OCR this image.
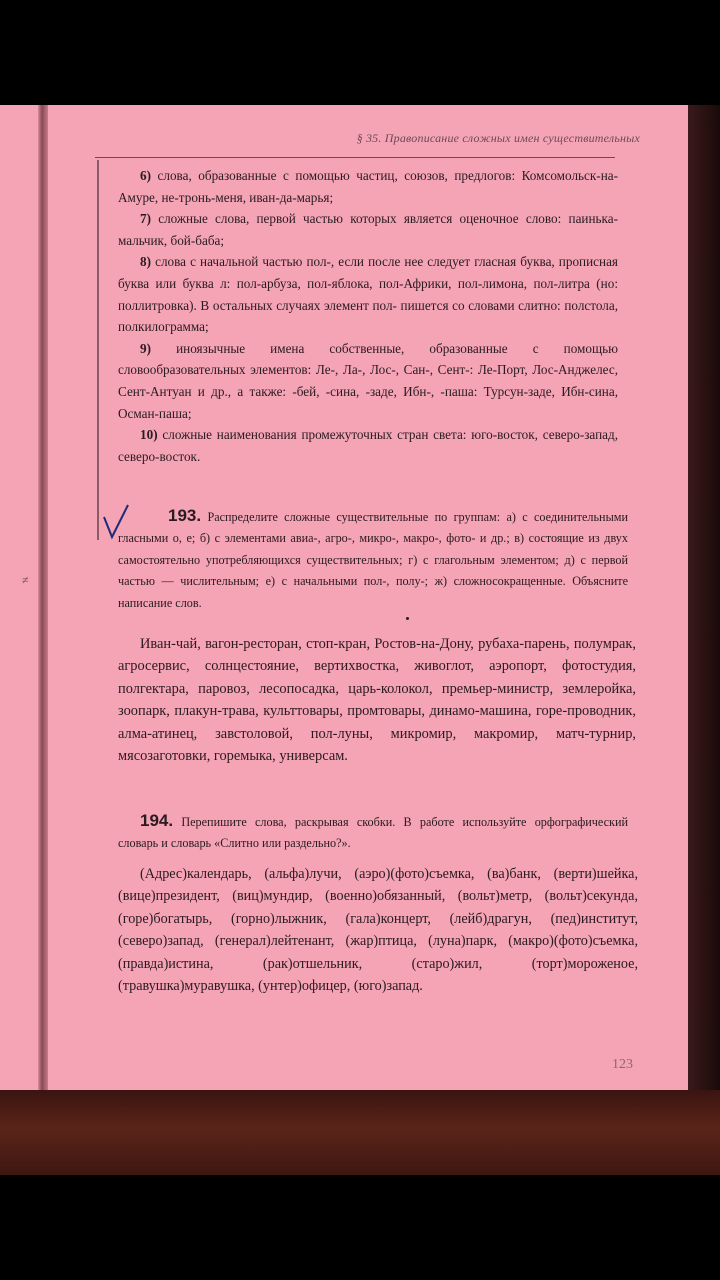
≠
§ 35. Правописание сложных имен существительных

6) слова, образованные с помощью частиц, союзов, предлогов: Комсомольск-на-Амуре, не-тронь-меня, иван-да-марья;

7) сложные слова, первой частью которых является оценочное слово: паинька-мальчик, бой-баба;

8) слова с начальной частью пол-, если после нее следует гласная буква, прописная буква или буква л: пол-арбуза, пол-яблока, пол-Африки, пол-лимона, пол-литра (но: поллитровка). В остальных случаях элемент пол- пишется со словами слитно: полстола, полкилограмма;

9) иноязычные имена собственные, образованные с помощью словообразовательных элементов: Ле-, Ла-, Лос-, Сан-, Сент-: Ле-Порт, Лос-Анджелес, Сент-Антуан и др., а также: -бей, -сина, -заде, Ибн-, -паша: Турсун-заде, Ибн-сина, Осман-паша;

10) сложные наименования промежуточных стран света: юго-восток, северо-запад, северо-восток.

193. Распределите сложные существительные по группам: а) с соединительными гласными о, е; б) с элементами авиа-, агро-, микро-, макро-, фото- и др.; в) состоящие из двух самостоятельно употребляющихся существительных; г) с глагольным элементом; д) с первой частью — числительным; е) с начальными пол-, полу-; ж) сложносокращенные. Объясните написание слов.

Иван-чай, вагон-ресторан, стоп-кран, Ростов-на-Дону, рубаха-парень, полумрак, агросервис, солнцестояние, вертихвостка, живоглот, аэропорт, фотостудия, полгектара, паровоз, лесопосадка, царь-колокол, премьер-министр, землеройка, зоопарк, плакун-трава, культтовары, промтовары, динамо-машина, горе-проводник, алма-атинец, завстоловой, пол-луны, микромир, макромир, матч-турнир, мясозаготовки, горемыка, универсам.

194. Перепишите слова, раскрывая скобки. В работе используйте орфографический словарь и словарь «Слитно или раздельно?».

(Адрес)календарь, (альфа)лучи, (аэро)(фото)съемка, (ва)банк, (верти)шейка, (вице)президент, (виц)мундир, (военно)обязанный, (вольт)метр, (вольт)секунда, (горе)богатырь, (горно)лыжник, (гала)концерт, (лейб)драгун, (пед)институт, (северо)запад, (генерал)лейтенант, (жар)птица, (луна)парк, (макро)(фото)съемка, (правда)истина, (рак)отшельник, (старо)жил, (торт)мороженое, (травушка)муравушка, (унтер)офицер, (юго)запад.

123
